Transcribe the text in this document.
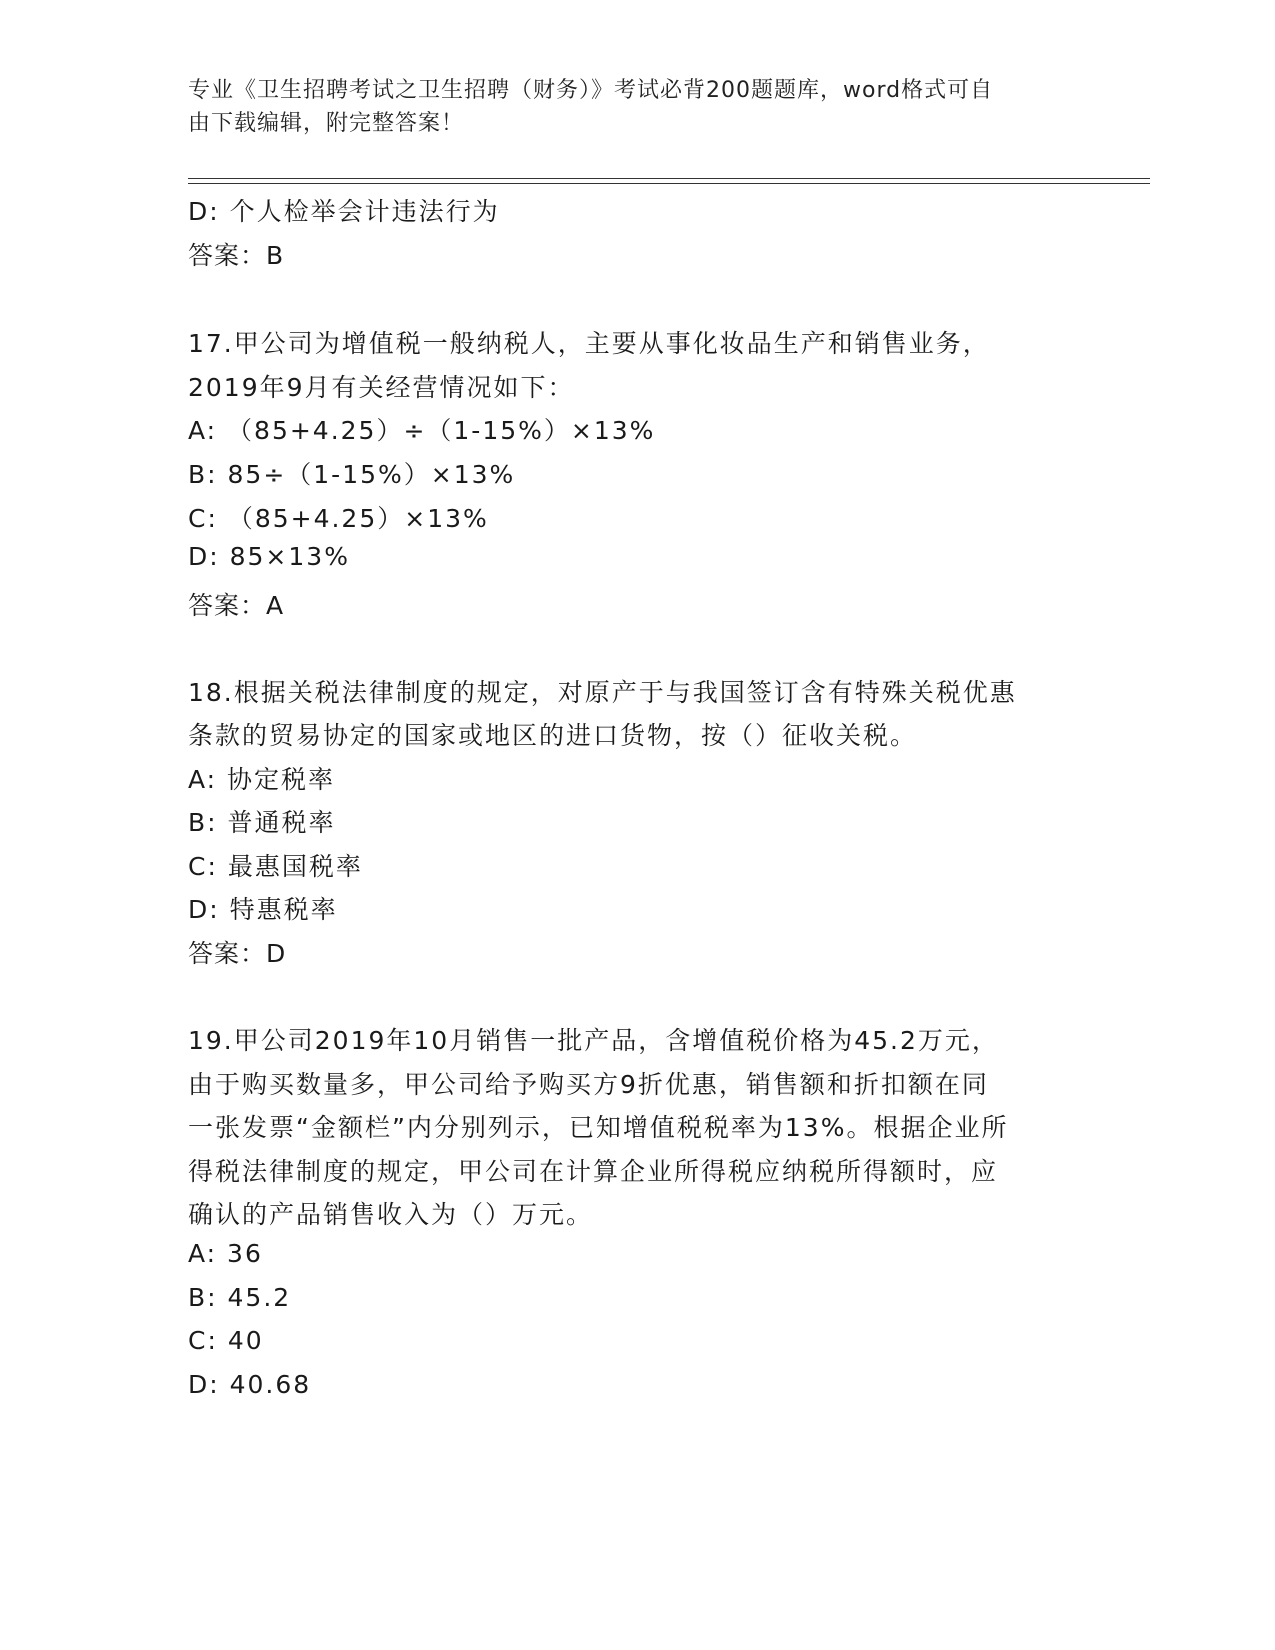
专业《卫生招聘考试之卫生招聘（财务）》考试必背200题题库，word格式可自
由下载编辑，附完整答案！
D: 个人检举会计违法行为
答案：B
17.甲公司为增值税一般纳税人，主要从事化妆品生产和销售业务，
2019年9月有关经营情况如下：
A: （85+4.25）÷（1-15%）×13%
B: 85÷（1-15%）×13%
C: （85+4.25）×13%
D: 85×13%
答案：A
18.根据关税法律制度的规定，对原产于与我国签订含有特殊关税优惠
条款的贸易协定的国家或地区的进口货物，按（）征收关税。
A: 协定税率
B: 普通税率
C: 最惠国税率
D: 特惠税率
答案：D
19.甲公司2019年10月销售一批产品，含增值税价格为45.2万元，
由于购买数量多，甲公司给予购买方9折优惠，销售额和折扣额在同
一张发票“金额栏”内分别列示，已知增值税税率为13%。根据企业所
得税法律制度的规定，甲公司在计算企业所得税应纳税所得额时，应
确认的产品销售收入为（）万元。
A: 36
B: 45.2
C: 40
D: 40.68
